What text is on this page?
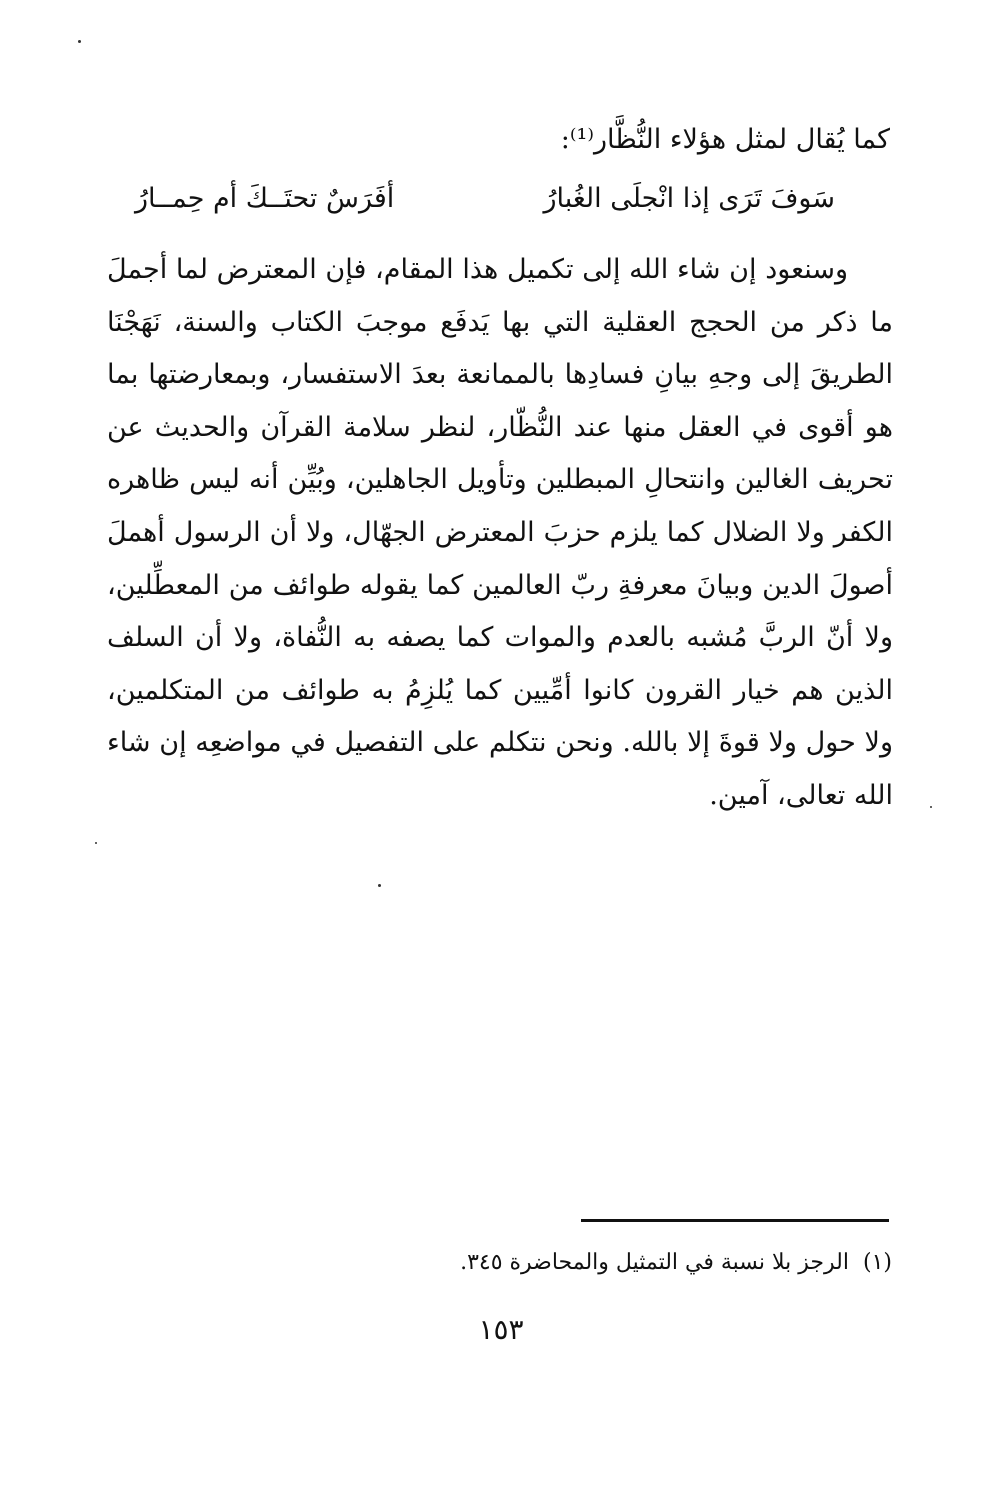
كما يُقال لمثل هؤلاء النُّظَّار⁽¹⁾:
سَوفَ تَرَى إذا انْجلَى الغُبارُ
أفَرَسٌ تحتَــكَ أم حِمــارُ

وسنعود إن شاء الله إلى تكميل هذا المقام، فإن المعترض لما أجملَ ما ذكر من الحجج العقلية التي بها يَدفَع موجبَ الكتاب والسنة، نَهَجْنَا الطريقَ إلى وجهِ بيانِ فسادِها بالممانعة بعدَ الاستفسار، وبمعارضتها بما هو أقوى في العقل منها عند النُّظّار، لنظر سلامة القرآن والحديث عن تحريف الغالين وانتحالِ المبطلين وتأويل الجاهلين، وبُيِّن أنه ليس ظاهره الكفر ولا الضلال كما يلزم حزبَ المعترض الجهّال، ولا أن الرسول أهملَ أصولَ الدين وبيانَ معرفةِ ربّ العالمين كما يقوله طوائف من المعطِّلين، ولا أنّ الربَّ مُشبه بالعدم والموات كما يصفه به النُّفاة، ولا أن السلف الذين هم خيار القرون كانوا أمِّيين كما يُلزِمُ به طوائف من المتكلمين، ولا حول ولا قوةَ إلا بالله. ونحن نتكلم على التفصيل في مواضعِه إن شاء الله تعالى، آمين.

(١)الرجز بلا نسبة في التمثيل والمحاضرة ٣٤٥.
١٥٣
